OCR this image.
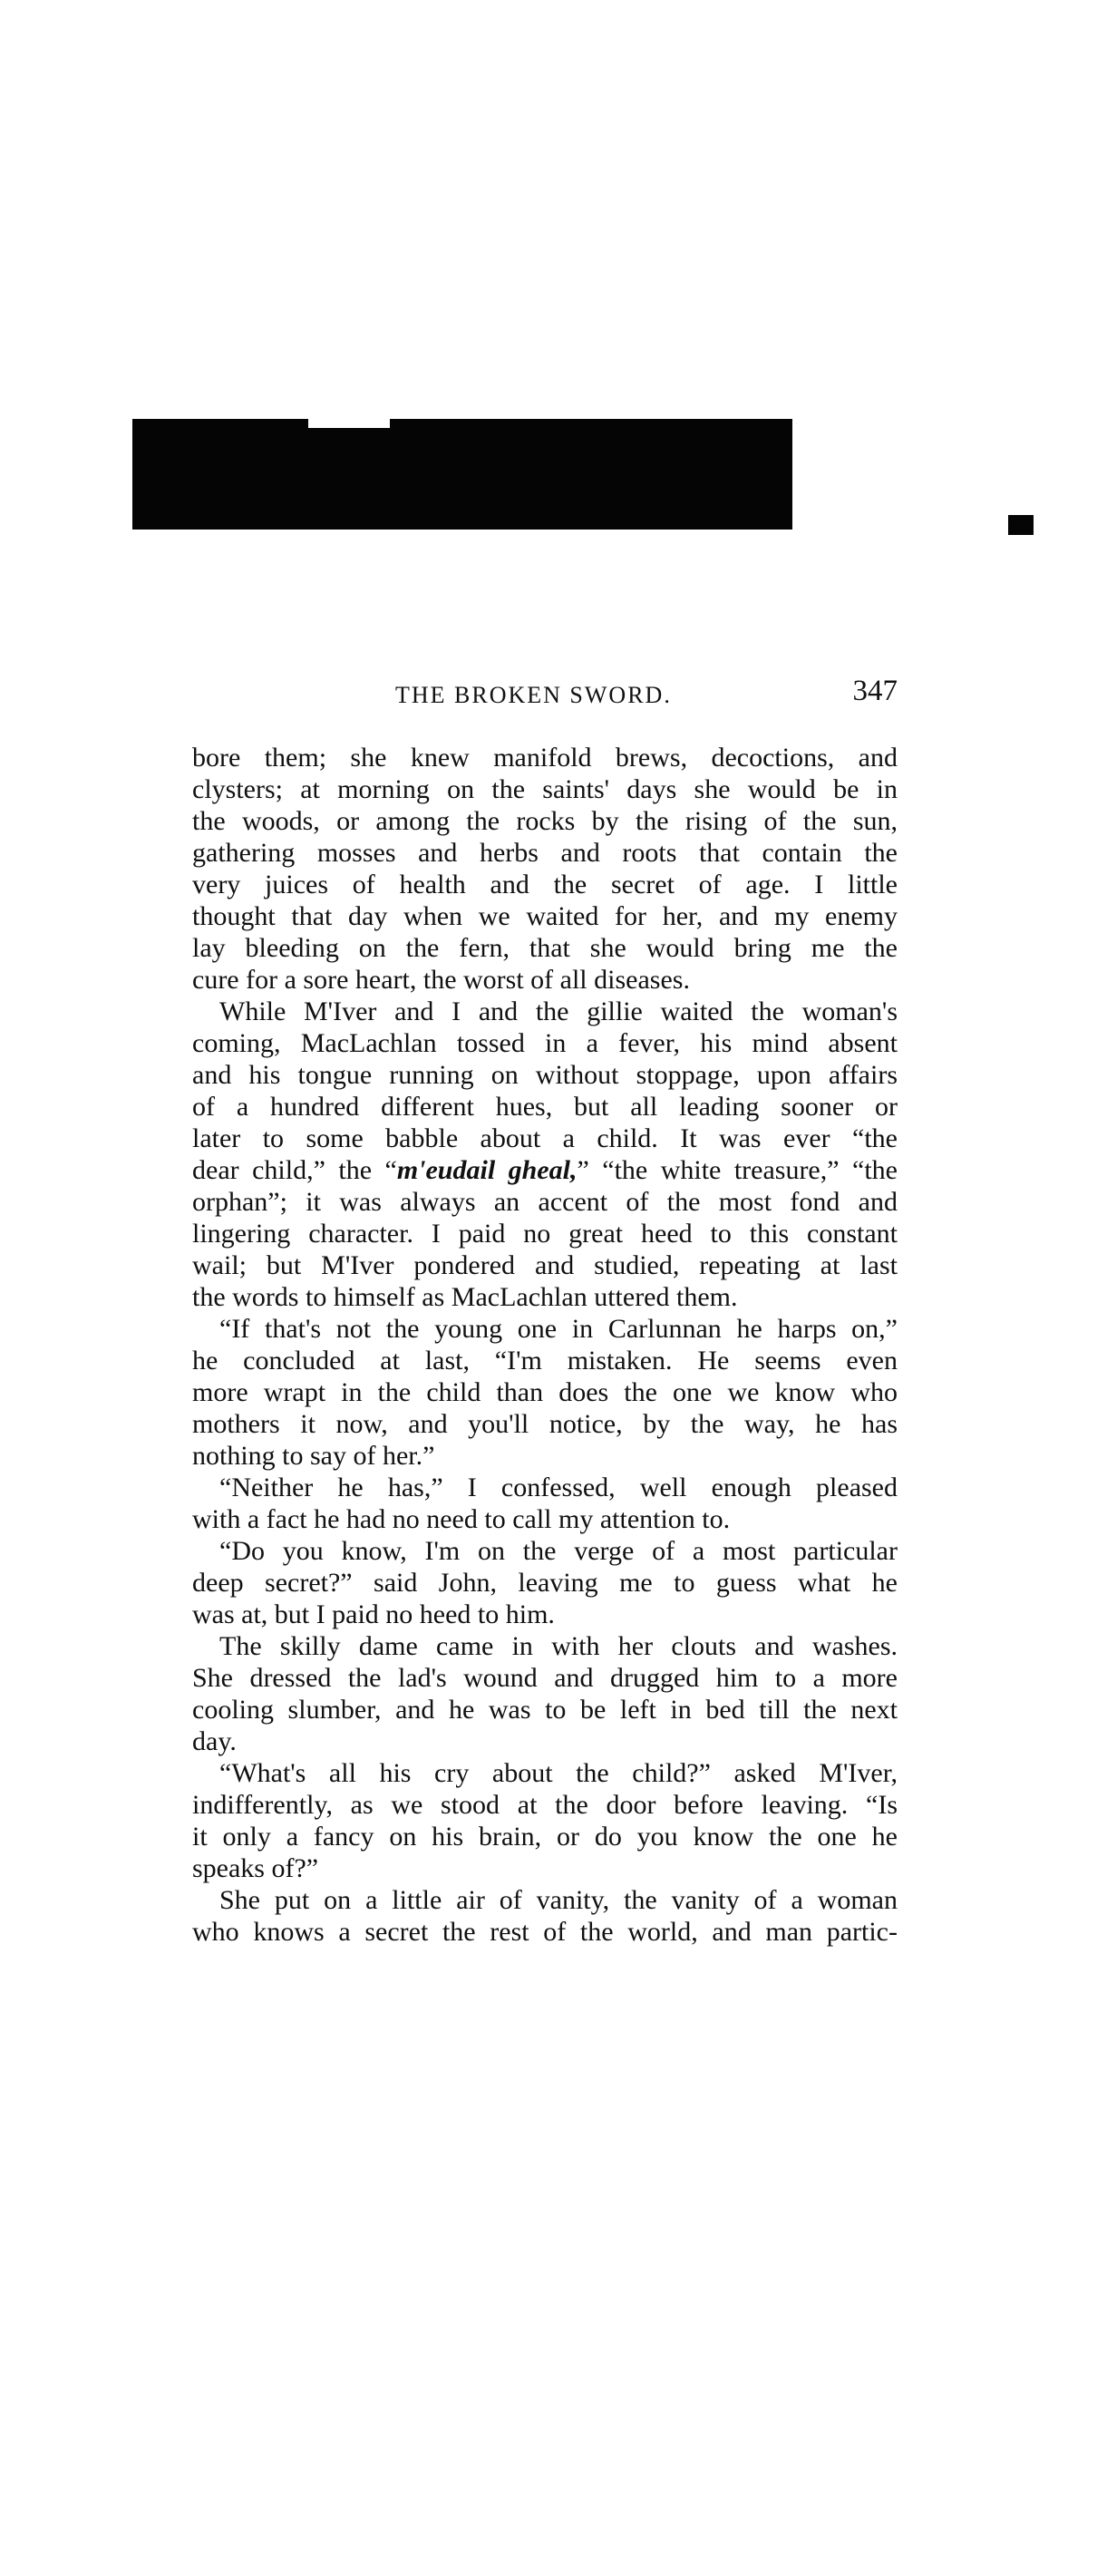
THE BROKEN SWORD.	347
bore them; she knew manifold brews, decoctions, and
clysters; at morning on the saints' days she would be in
the woods, or among the rocks by the rising of the sun,
gathering mosses and herbs and roots that contain the
very juices of health and the secret of age. I little
thought that day when we waited for her, and my enemy
lay bleeding on the fern, that she would bring me the
cure for a sore heart, the worst of all diseases.
While M'Iver and I and the gillie waited the woman's
coming, MacLachlan tossed in a fever, his mind absent
and his tongue running on without stoppage, upon affairs
of a hundred different hues, but all leading sooner or
later to some babble about a child. It was ever “the
dear child,” the “m'eudail gheal,” “the white treasure,” “the
orphan”; it was always an accent of the most fond and
lingering character. I paid no great heed to this constant
wail; but M'Iver pondered and studied, repeating at last
the words to himself as MacLachlan uttered them.
“If that's not the young one in Carlunnan he harps on,”
he concluded at last, “I'm mistaken. He seems even
more wrapt in the child than does the one we know who
mothers it now, and you'll notice, by the way, he has
nothing to say of her.”
“Neither he has,” I confessed, well enough pleased
with a fact he had no need to call my attention to.
“Do you know, I'm on the verge of a most particular
deep secret?” said John, leaving me to guess what he
was at, but I paid no heed to him.
The skilly dame came in with her clouts and washes.
She dressed the lad's wound and drugged him to a more
cooling slumber, and he was to be left in bed till the next
day.
“What's all his cry about the child?” asked M'Iver,
indifferently, as we stood at the door before leaving. “Is
it only a fancy on his brain, or do you know the one he
speaks of?”
She put on a little air of vanity, the vanity of a woman
who knows a secret the rest of the world, and man partic-
